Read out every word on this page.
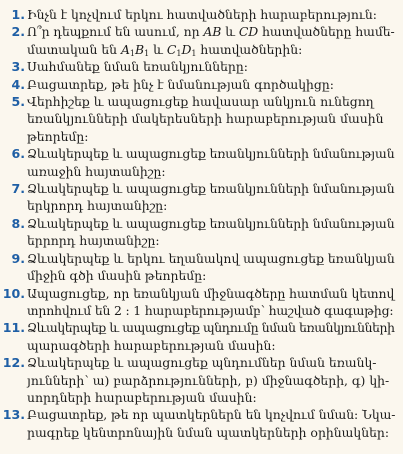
1. Ինչն է կոչվում երկու հատվածների հարաբերություն:
2. Ո՞ր դեպքում են ասում, որ AB և CD հատվածները համե-
մատական են $A_1B_1$ և $C_1D_1$ հատվածներին:
3. Սահմանեք նման եռանկյունները:
4. Բացատրեք, թե ինչ է նմանության գործակիցը:
5. Վերհիշեք և ապացուցեք հավասար անկյուն ունեցող
եռանկյունների մակերեսների հարաբերության մասին
թեորեմը:
6. Ձևակերպեք և ապացուցեք եռանկյունների նմանության
առաջին հայտանիշը:
7. Ձևակերպեք և ապացուցեք եռանկյունների նմանության
երկրորդ հայտանիշը:
8. Ձևակերպեք և ապացուցեք եռանկյունների նմանության
երրորդ հայտանիշը:
9. Ձևակերպեք և երկու եղանակով ապացուցեք եռանկյան
միջին գծի մասին թեորեմը:
10. Ապացուցեք, որ եռանկյան միջնագծերը հատման կետով
տրոհվում են 2 : 1 հարաբերությամբ՝ հաշված գագաթից:
11. Ձևակերպեք և ապացուցեք պնդումը նման եռանկյունների
պարագծերի հարաբերության մասին:
12. Ձևակերպեք և ապացուցեք պնդումներ նման եռանկ-
յունների՝ ա) բարձրությունների, բ) միջնագծերի, գ) կի-
սորդների հարաբերության մասին:
13. Բացատրեք, թե որ պատկերներն են կոչվում նման: Նկա-
րագրեք կենտրոնային նման պատկերների օրինակներ:
